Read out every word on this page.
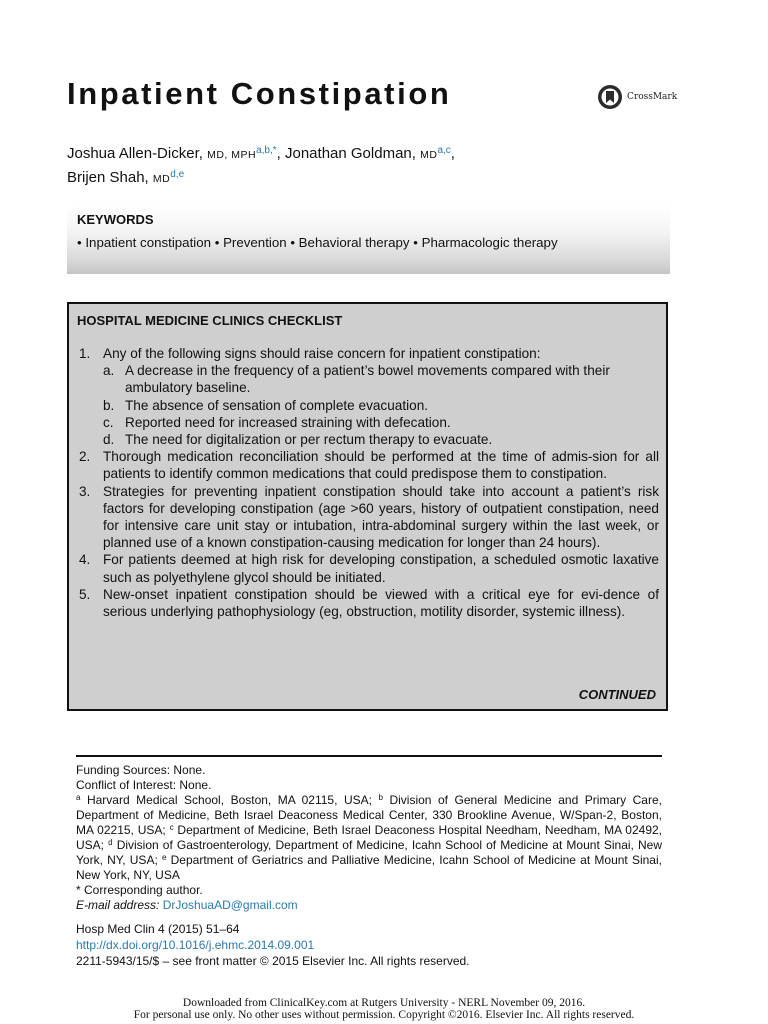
Inpatient Constipation	CrossMark
Joshua Allen-Dicker, MD, MPH$^{a,b,*}$, Jonathan Goldman, MD$^{a,c}$,
Brijen Shah, MD$^{d,e}$
KEYWORDS
• Inpatient constipation • Prevention • Behavioral therapy • Pharmacologic therapy
HOSPITAL MEDICINE CLINICS CHECKLIST
1. Any of the following signs should raise concern for inpatient constipation:
a. A decrease in the frequency of a patient’s bowel movements compared with their ambulatory baseline.
b. The absence of sensation of complete evacuation.
c. Reported need for increased straining with defecation.
d. The need for digitalization or per rectum therapy to evacuate.
2. Thorough medication reconciliation should be performed at the time of admis-sion for all patients to identify common medications that could predispose them to constipation.
3. Strategies for preventing inpatient constipation should take into account a patient’s risk factors for developing constipation (age >60 years, history of outpatient constipation, need for intensive care unit stay or intubation, intra-abdominal surgery within the last week, or planned use of a known constipation-causing medication for longer than 24 hours).
4. For patients deemed at high risk for developing constipation, a scheduled osmotic laxative such as polyethylene glycol should be initiated.
5. New-onset inpatient constipation should be viewed with a critical eye for evi-dence of serious underlying pathophysiology (eg, obstruction, motility disorder, systemic illness).
CONTINUED

Funding Sources: None.

Conflict of Interest: None.

$^a$ Harvard Medical School, Boston, MA 02115, USA; $^b$ Division of General Medicine and Primary Care, Department of Medicine, Beth Israel Deaconess Medical Center, 330 Brookline Avenue, W/Span-2, Boston, MA 02215, USA; $^c$ Department of Medicine, Beth Israel Deaconess Hospital Needham, Needham, MA 02492, USA; $^d$ Division of Gastroenterology, Department of Medicine, Icahn School of Medicine at Mount Sinai, New York, NY, USA; $^e$ Department of Geriatrics and Palliative Medicine, Icahn School of Medicine at Mount Sinai, New York, NY, USA

* Corresponding author.

E-mail address: DrJoshuaAD@gmail.com

Hosp Med Clin 4 (2015) 51–64

http://dx.doi.org/10.1016/j.ehmc.2014.09.001

2211-5943/15/$ – see front matter © 2015 Elsevier Inc. All rights reserved.

Downloaded from ClinicalKey.com at Rutgers University - NERL November 09, 2016.

For personal use only. No other uses without permission. Copyright ©2016. Elsevier Inc. All rights reserved.
